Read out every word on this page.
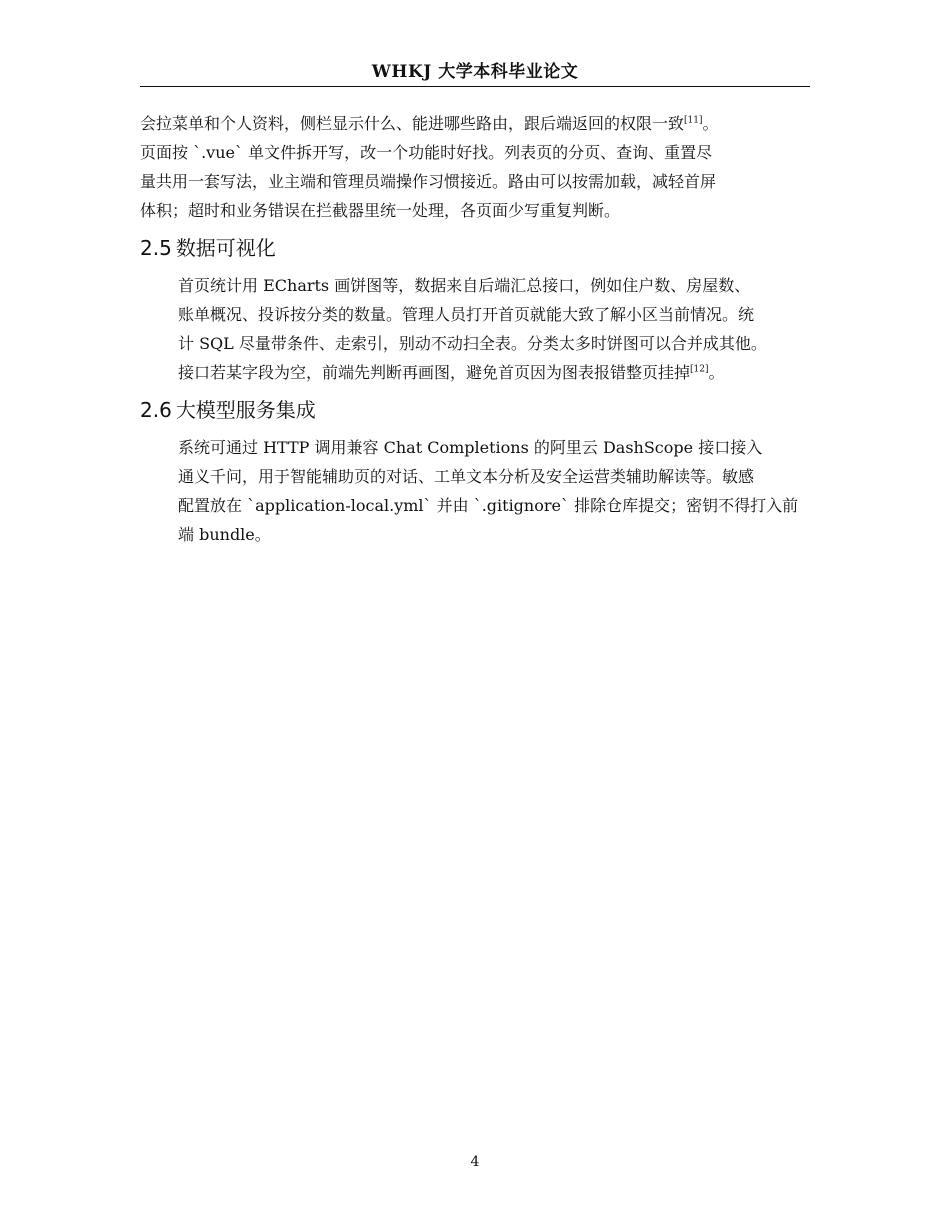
WHKJ 大学本科毕业论文

会拉菜单和个人资料，侧栏显示什么、能进哪些路由，跟后端返回的权限一致[11]。
页面按 `.vue` 单文件拆开写，改一个功能时好找。列表页的分页、查询、重置尽
量共用一套写法，业主端和管理员端操作习惯接近。路由可以按需加载，减轻首屏
体积；超时和业务错误在拦截器里统一处理，各页面少写重复判断。

2.5 数据可视化

首页统计用 ECharts 画饼图等，数据来自后端汇总接口，例如住户数、房屋数、
账单概况、投诉按分类的数量。管理人员打开首页就能大致了解小区当前情况。统
计 SQL 尽量带条件、走索引，别动不动扫全表。分类太多时饼图可以合并成其他。
接口若某字段为空，前端先判断再画图，避免首页因为图表报错整页挂掉[12]。

2.6 大模型服务集成

系统可通过 HTTP 调用兼容 Chat Completions 的阿里云 DashScope 接口接入
通义千问，用于智能辅助页的对话、工单文本分析及安全运营类辅助解读等。敏感
配置放在 `application-local.yml` 并由 `.gitignore` 排除仓库提交；密钥不得打入前
端 bundle。

4
